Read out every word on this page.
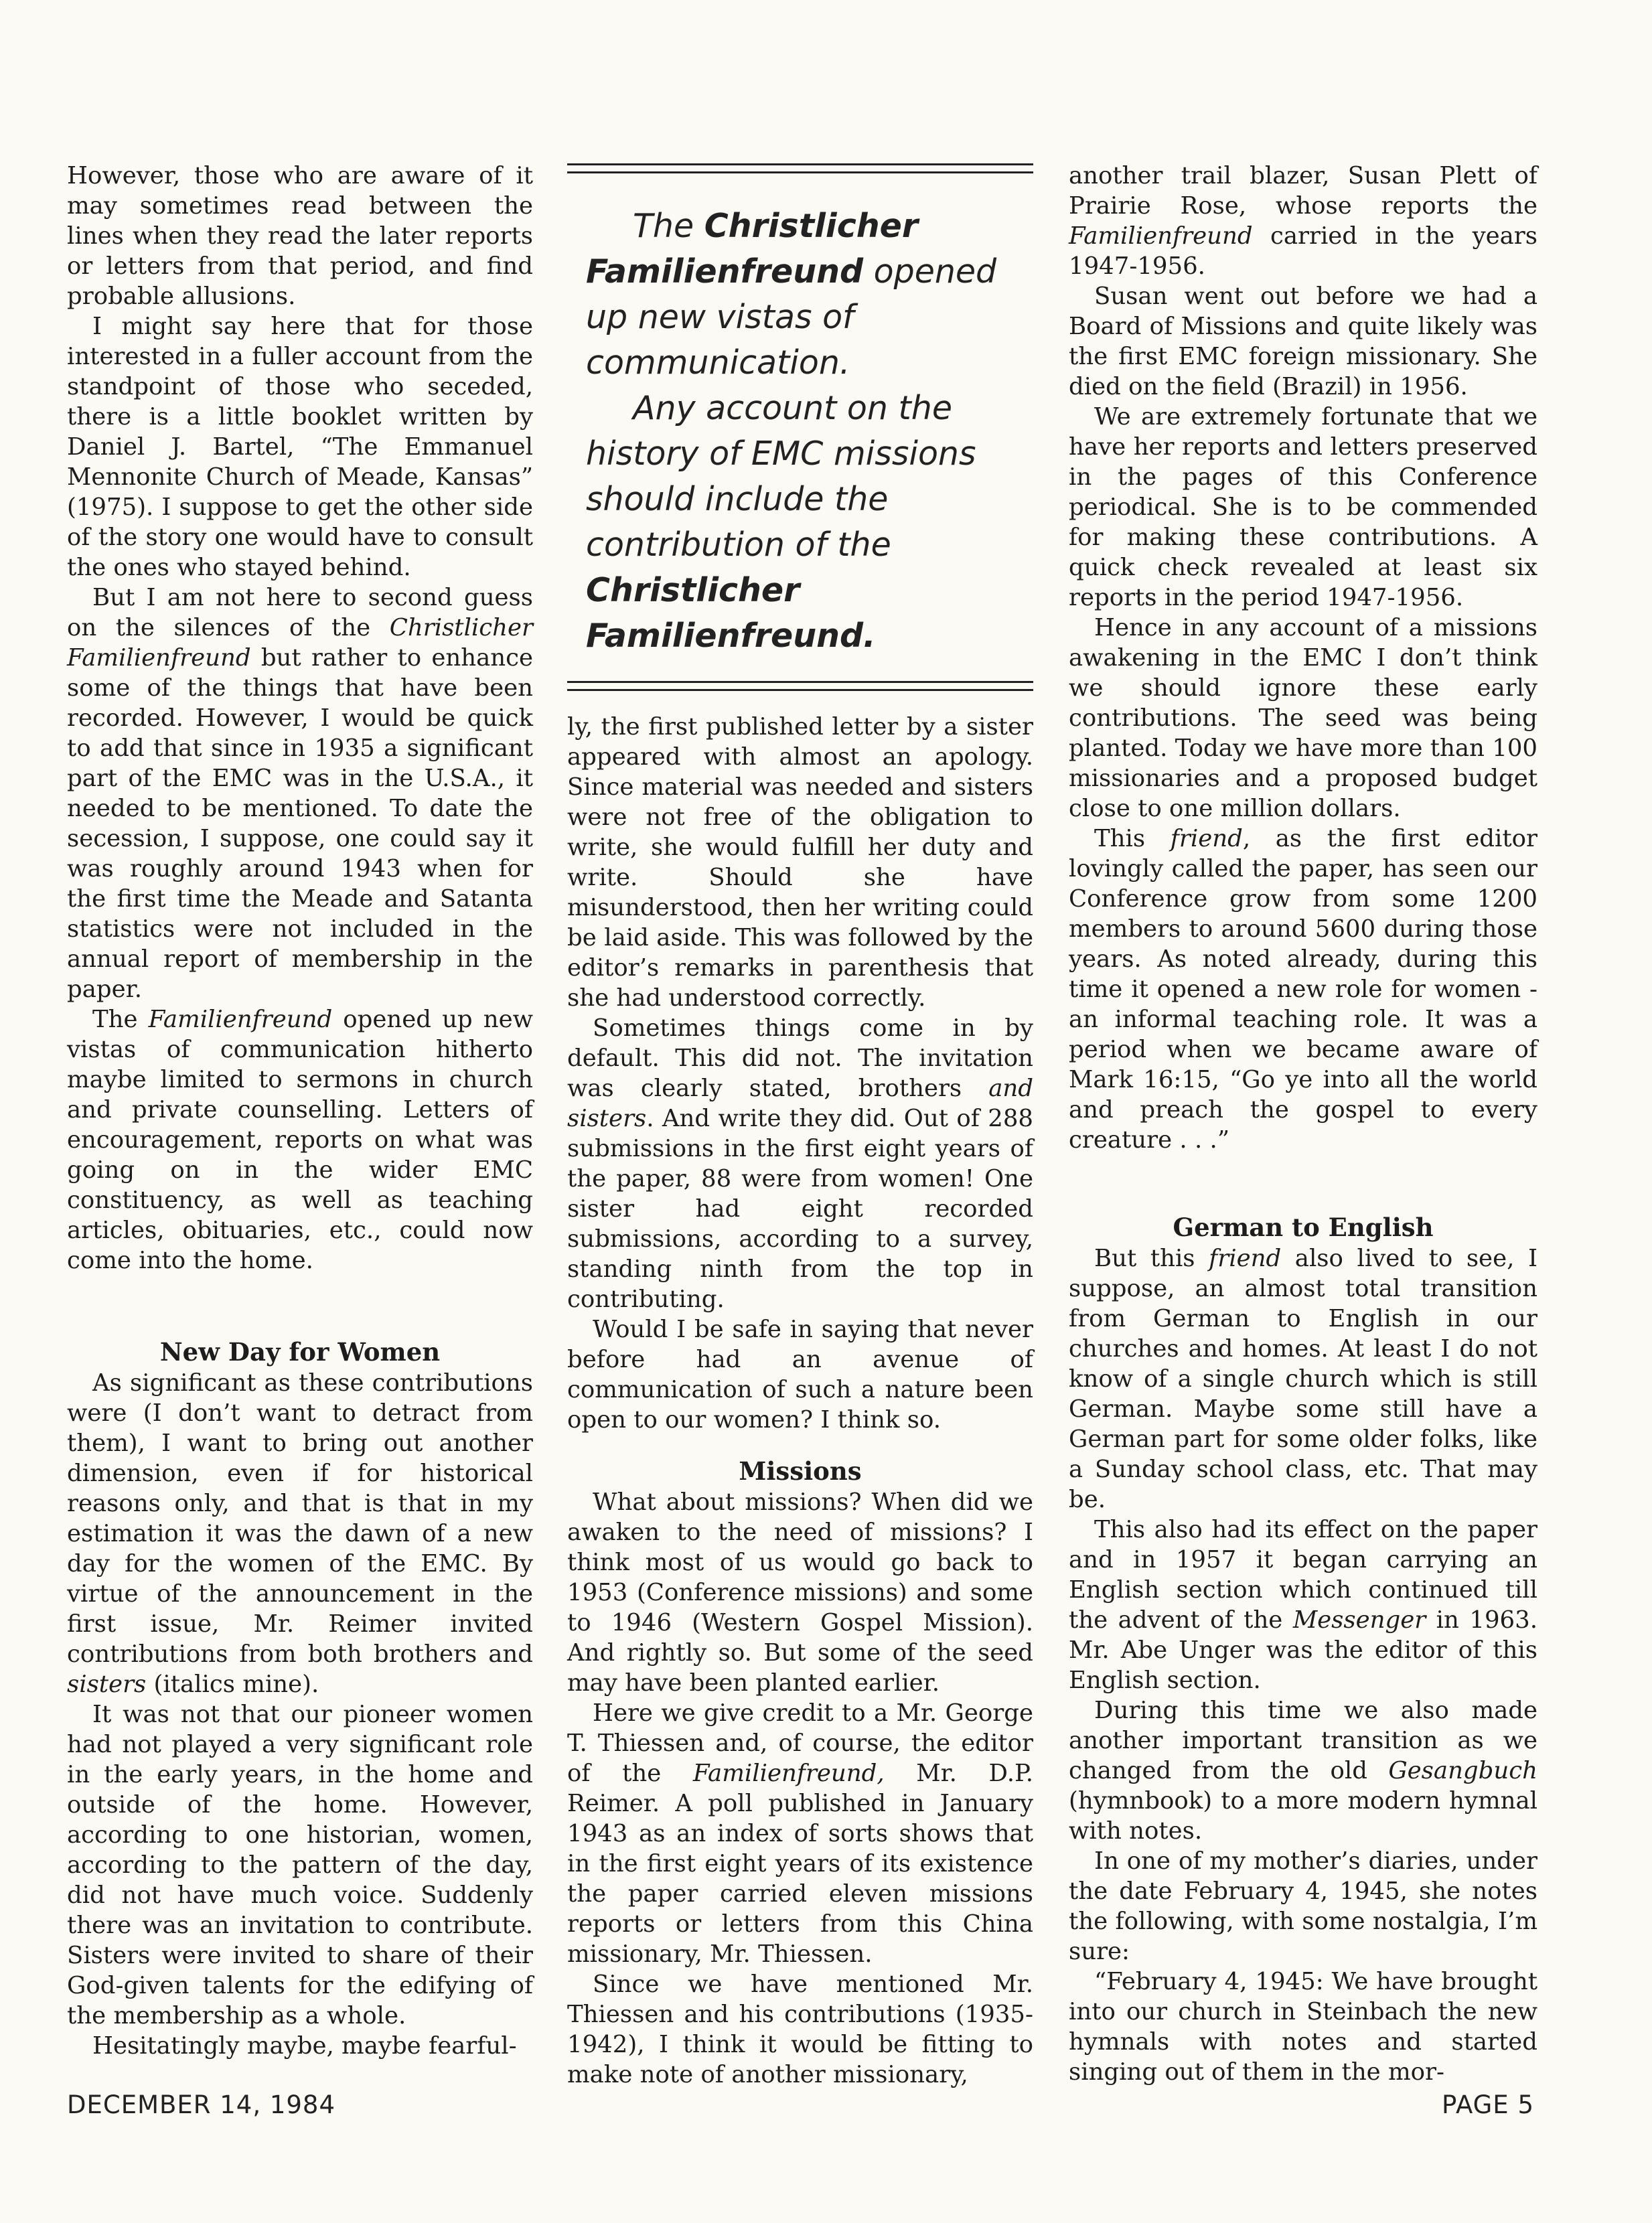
However, those who are aware of it may sometimes read between the lines when they read the later reports or letters from that period, and find probable allusions.

I might say here that for those interested in a fuller account from the standpoint of those who seceded, there is a little booklet written by Daniel J. Bartel, “The Emmanuel Mennonite Church of Meade, Kansas” (1975). I suppose to get the other side of the story one would have to consult the ones who stayed behind.

But I am not here to second guess on the silences of the Christlicher Familienfreund but rather to enhance some of the things that have been recorded. However, I would be quick to add that since in 1935 a significant part of the EMC was in the U.S.A., it needed to be mentioned. To date the secession, I suppose, one could say it was roughly around 1943 when for the first time the Meade and Satanta statistics were not included in the annual report of membership in the paper.

The Familienfreund opened up new vistas of communication hitherto maybe limited to sermons in church and private counselling. Letters of encouragement, reports on what was going on in the wider EMC constituency, as well as teaching articles, obituaries, etc., could now come into the home.

New Day for Women

As significant as these contributions were (I don’t want to detract from them), I want to bring out another dimension, even if for historical reasons only, and that is that in my estimation it was the dawn of a new day for the women of the EMC. By virtue of the announcement in the first issue, Mr. Reimer invited contributions from both brothers and sisters (italics mine).

It was not that our pioneer women had not played a very significant role in the early years, in the home and outside of the home. However, according to one historian, women, according to the pattern of the day, did not have much voice. Suddenly there was an invitation to contribute. Sisters were invited to share of their God-given talents for the edifying of the membership as a whole.

Hesitatingly maybe, maybe fearful-

The Christlicher Familienfreund opened up new vistas of communication.

Any account on the history of EMC missions should include the contribution of the Christlicher Familienfreund.

ly, the first published letter by a sister appeared with almost an apology. Since material was needed and sisters were not free of the obligation to write, she would fulfill her duty and write. Should she have misunderstood, then her writing could be laid aside. This was followed by the editor’s remarks in parenthesis that she had understood correctly.

Sometimes things come in by default. This did not. The invitation was clearly stated, brothers and sisters. And write they did. Out of 288 submissions in the first eight years of the paper, 88 were from women! One sister had eight recorded submissions, according to a survey, standing ninth from the top in contributing.

Would I be safe in saying that never before had an avenue of communication of such a nature been open to our women? I think so.

Missions

What about missions? When did we awaken to the need of missions? I think most of us would go back to 1953 (Conference missions) and some to 1946 (Western Gospel Mission). And rightly so. But some of the seed may have been planted earlier.

Here we give credit to a Mr. George T. Thiessen and, of course, the editor of the Familienfreund, Mr. D.P. Reimer. A poll published in January 1943 as an index of sorts shows that in the first eight years of its existence the paper carried eleven missions reports or letters from this China missionary, Mr. Thiessen.

Since we have mentioned Mr. Thiessen and his contributions (1935-1942), I think it would be fitting to make note of another missionary,

another trail blazer, Susan Plett of Prairie Rose, whose reports the Familienfreund carried in the years 1947-1956.

Susan went out before we had a Board of Missions and quite likely was the first EMC foreign missionary. She died on the field (Brazil) in 1956.

We are extremely fortunate that we have her reports and letters preserved in the pages of this Conference periodical. She is to be commended for making these contributions. A quick check revealed at least six reports in the period 1947-1956.

Hence in any account of a missions awakening in the EMC I don’t think we should ignore these early contributions. The seed was being planted. Today we have more than 100 missionaries and a proposed budget close to one million dollars.

This friend, as the first editor lovingly called the paper, has seen our Conference grow from some 1200 members to around 5600 during those years. As noted already, during this time it opened a new role for women - an informal teaching role. It was a period when we became aware of Mark 16:15, “Go ye into all the world and preach the gospel to every creature . . .”

German to English

But this friend also lived to see, I suppose, an almost total transition from German to English in our churches and homes. At least I do not know of a single church which is still German. Maybe some still have a German part for some older folks, like a Sunday school class, etc. That may be.

This also had its effect on the paper and in 1957 it began carrying an English section which continued till the advent of the Messenger in 1963. Mr. Abe Unger was the editor of this English section.

During this time we also made another important transition as we changed from the old Gesangbuch (hymnbook) to a more modern hymnal with notes.

In one of my mother’s diaries, under the date February 4, 1945, she notes the following, with some nostalgia, I’m sure:

“February 4, 1945: We have brought into our church in Steinbach the new hymnals with notes and started singing out of them in the mor-

DECEMBER 14, 1984	PAGE 5
